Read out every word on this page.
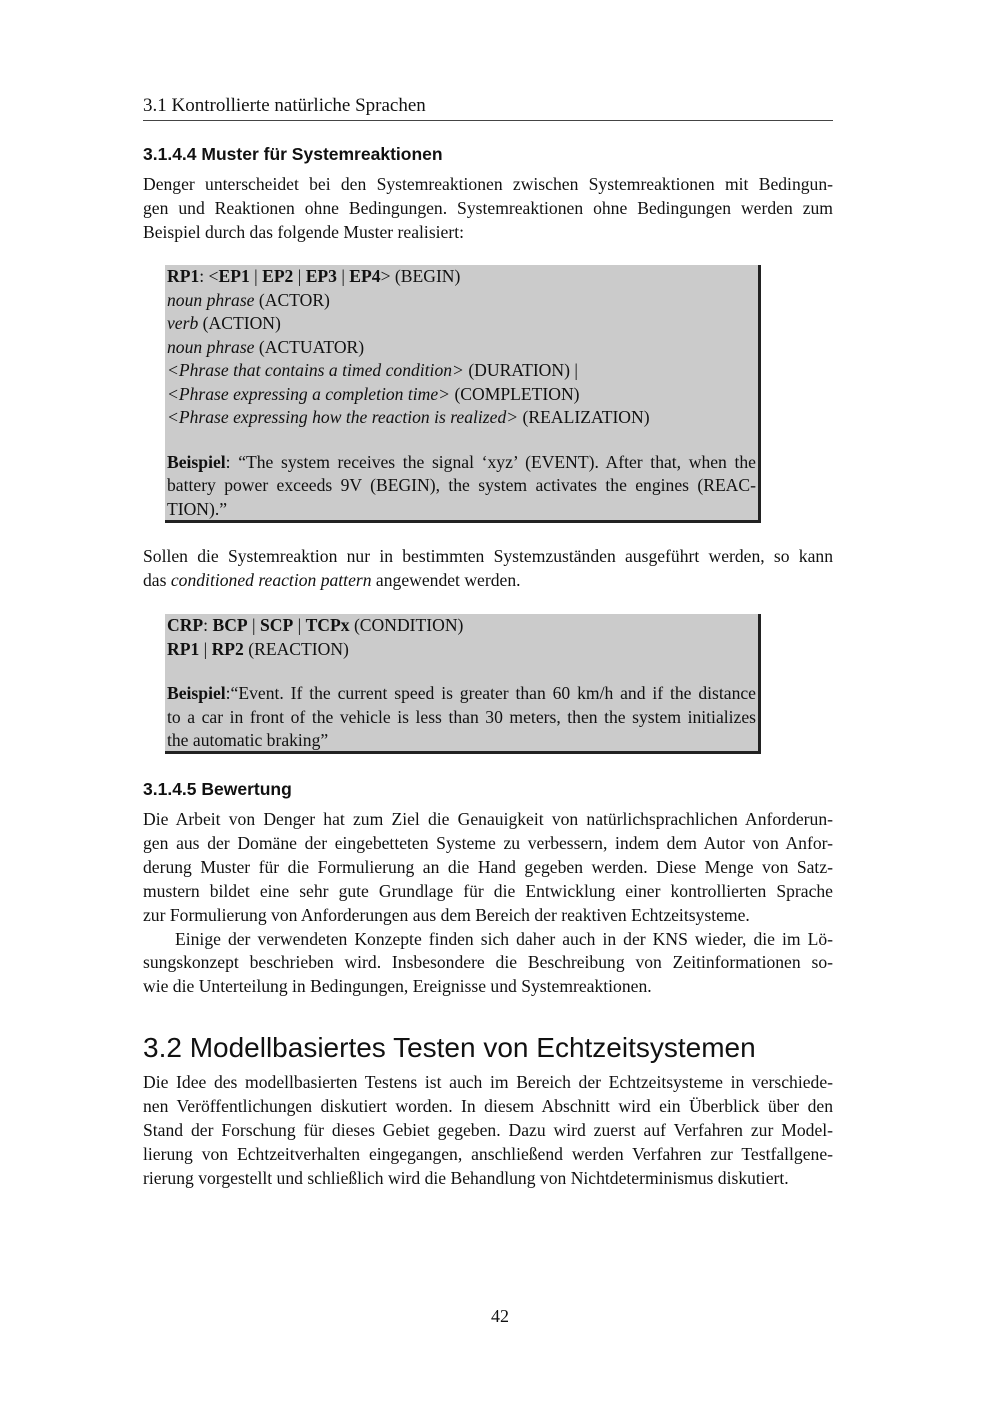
3.1 Kontrollierte natürliche Sprachen
3.1.4.4 Muster für Systemreaktionen
Denger unterscheidet bei den Systemreaktionen zwischen Systemreaktionen mit Bedingun-
gen und Reaktionen ohne Bedingungen. Systemreaktionen ohne Bedingungen werden zum
Beispiel durch das folgende Muster realisiert:
RP1: <EP1 | EP2 | EP3 | EP4> (BEGIN)
noun phrase (ACTOR)
verb (ACTION)
noun phrase (ACTUATOR)
<Phrase that contains a timed condition> (DURATION) |
<Phrase expressing a completion time> (COMPLETION)
<Phrase expressing how the reaction is realized> (REALIZATION)
Beispiel: “The system receives the signal ‘xyz’ (EVENT). After that, when the
battery power exceeds 9V (BEGIN), the system activates the engines (REAC-
TION).”
Sollen die Systemreaktion nur in bestimmten Systemzuständen ausgeführt werden, so kann
das conditioned reaction pattern angewendet werden.
CRP: BCP | SCP | TCPx (CONDITION)
RP1 | RP2 (REACTION)
Beispiel:“Event. If the current speed is greater than 60 km/h and if the distance
to a car in front of the vehicle is less than 30 meters, then the system initializes
the automatic braking”
3.1.4.5 Bewertung
Die Arbeit von Denger hat zum Ziel die Genauigkeit von natürlichsprachlichen Anforderun-
gen aus der Domäne der eingebetteten Systeme zu verbessern, indem dem Autor von Anfor-
derung Muster für die Formulierung an die Hand gegeben werden. Diese Menge von Satz-
mustern bildet eine sehr gute Grundlage für die Entwicklung einer kontrollierten Sprache
zur Formulierung von Anforderungen aus dem Bereich der reaktiven Echtzeitsysteme.
Einige der verwendeten Konzepte finden sich daher auch in der KNS wieder, die im Lö-
sungskonzept beschrieben wird. Insbesondere die Beschreibung von Zeitinformationen so-
wie die Unterteilung in Bedingungen, Ereignisse und Systemreaktionen.
3.2 Modellbasiertes Testen von Echtzeitsystemen
Die Idee des modellbasierten Testens ist auch im Bereich der Echtzeitsysteme in verschiede-
nen Veröffentlichungen diskutiert worden. In diesem Abschnitt wird ein Überblick über den
Stand der Forschung für dieses Gebiet gegeben. Dazu wird zuerst auf Verfahren zur Model-
lierung von Echtzeitverhalten eingegangen, anschließend werden Verfahren zur Testfallgene-
rierung vorgestellt und schließlich wird die Behandlung von Nichtdeterminismus diskutiert.
42
